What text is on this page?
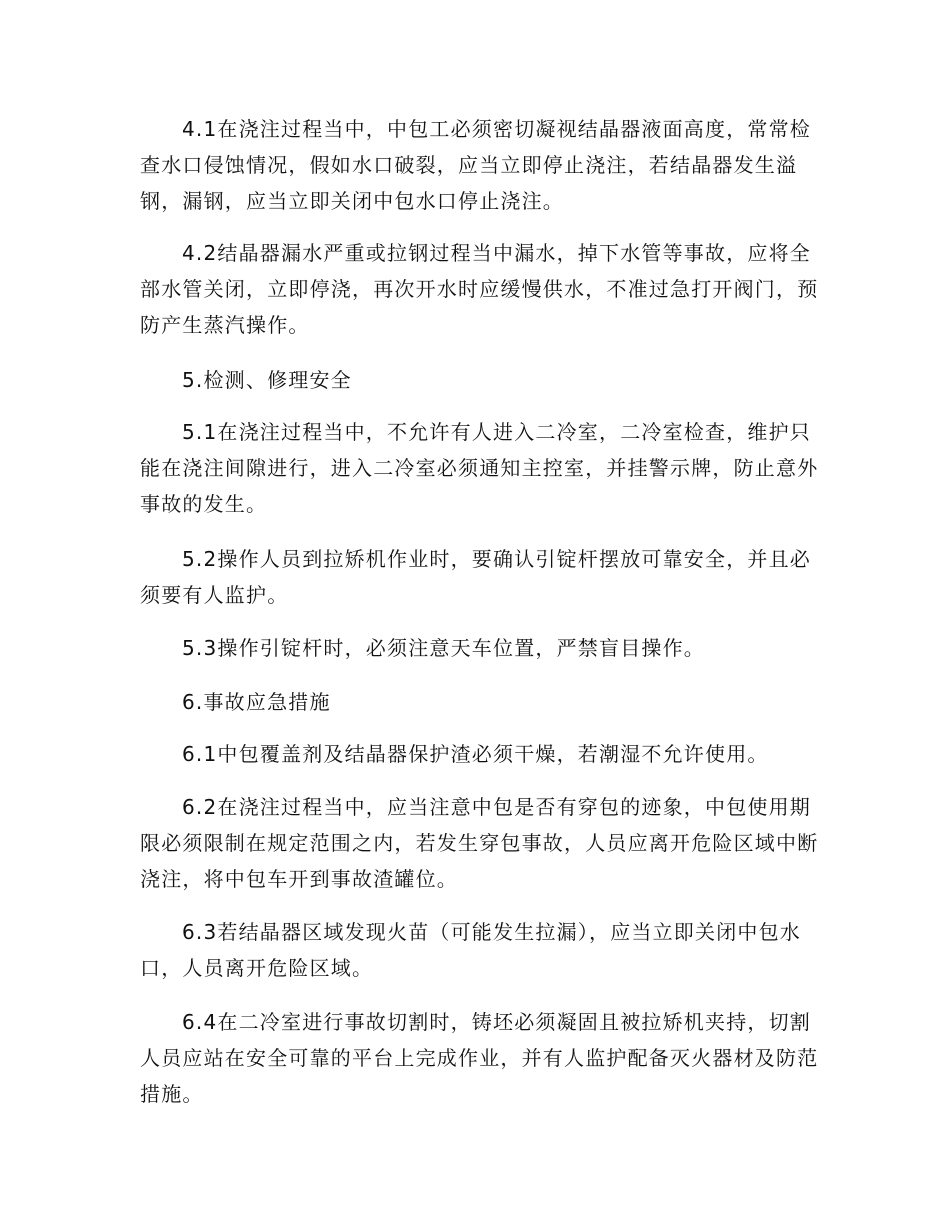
4.1在浇注过程当中，中包工必须密切凝视结晶器液面高度，常常检查水口侵蚀情况，假如水口破裂，应当立即停止浇注，若结晶器发生溢钢，漏钢，应当立即关闭中包水口停止浇注。

4.2结晶器漏水严重或拉钢过程当中漏水，掉下水管等事故，应将全部水管关闭，立即停浇，再次开水时应缓慢供水，不准过急打开阀门，预防产生蒸汽操作。

5.检测、修理安全

5.1在浇注过程当中，不允许有人进入二冷室，二冷室检查，维护只能在浇注间隙进行，进入二冷室必须通知主控室，并挂警示牌，防止意外事故的发生。

5.2操作人员到拉矫机作业时，要确认引锭杆摆放可靠安全，并且必须要有人监护。

5.3操作引锭杆时，必须注意天车位置，严禁盲目操作。

6.事故应急措施

6.1中包覆盖剂及结晶器保护渣必须干燥，若潮湿不允许使用。

6.2在浇注过程当中，应当注意中包是否有穿包的迹象，中包使用期限必须限制在规定范围之内，若发生穿包事故，人员应离开危险区域中断浇注，将中包车开到事故渣罐位。

6.3若结晶器区域发现火苗（可能发生拉漏），应当立即关闭中包水口，人员离开危险区域。

6.4在二冷室进行事故切割时，铸坯必须凝固且被拉矫机夹持，切割人员应站在安全可靠的平台上完成作业，并有人监护配备灭火器材及防范措施。
